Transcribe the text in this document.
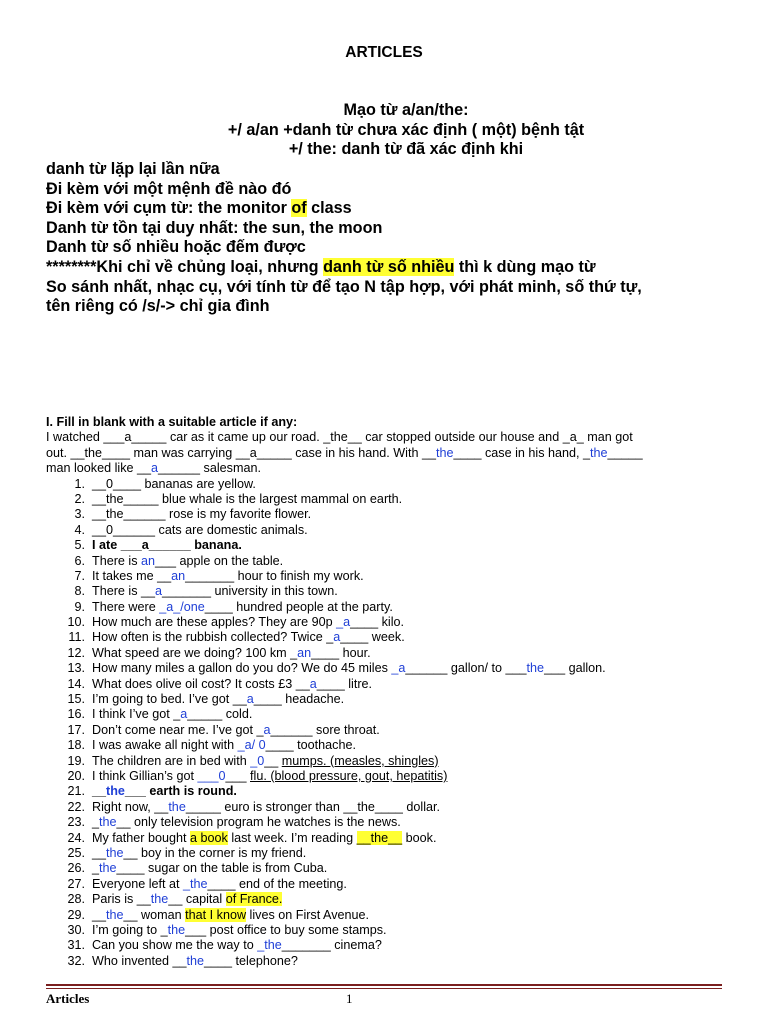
ARTICLES
Mạo từ a/an/the:
+/ a/an +danh từ chưa xác định ( một) bệnh tật
+/ the: danh từ đã xác định khi
danh từ lặp lại lần nữa
Đi kèm với một mệnh đề nào đó
Đi kèm với cụm từ: the monitor of class
Danh từ tồn tại duy nhất: the sun, the moon
Danh từ số nhiều hoặc đếm được
********Khi chỉ về chủng loại, nhưng danh từ số nhiều thì k dùng mạo từ
So sánh nhất, nhạc cụ, với tính từ để tạo N tập hợp, với phát minh, số thứ tự,
tên riêng có /s/-> chỉ gia đình
I. Fill in blank with a suitable article if any:
I watched ___a_____ car as it came up our road. _the__ car stopped outside our house and _a_ man got
out. __the____ man was carrying __a_____ case in his hand. With __the____ case in his hand, _the_____
man looked like __a______ salesman.
1. __0____ bananas are yellow.
2. __the_____ blue whale is the largest mammal on earth.
3. __the______ rose is my favorite flower.
4. __0______ cats are domestic animals.
5. I ate ___a______ banana.
6. There is an___ apple on the table.
7. It takes me __an_______ hour to finish my work.
8. There is __a_______ university in this town.
9. There were _a_/one____ hundred people at the party.
10. How much are these apples? They are 90p _a____ kilo.
11. How often is the rubbish collected? Twice _a____ week.
12. What speed are we doing? 100 km _an____ hour.
13. How many miles a gallon do you do? We do 45 miles _a______ gallon/ to ___the___ gallon.
14. What does olive oil cost? It costs £3 __a____ litre.
15. I’m going to bed. I’ve got __a____ headache.
16. I think I’ve got _a_____ cold.
17. Don’t come near me. I’ve got _a______ sore throat.
18. I was awake all night with _a/ 0____ toothache.
19. The children are in bed with _0__ mumps. (measles, shingles)
20. I think Gillian’s got ___0___ flu. (blood pressure, gout, hepatitis)
21. __the___ earth is round.
22. Right now, __the_____ euro is stronger than __the____ dollar.
23. _the__ only television program he watches is the news.
24. My father bought a book last week. I’m reading __the__ book.
25. __the__ boy in the corner is my friend.
26. _the____ sugar on the table is from Cuba.
27. Everyone left at _the____ end of the meeting.
28. Paris is __the__ capital of France.
29. __the__ woman that I know lives on First Avenue.
30. I’m going to _the___ post office to buy some stamps.
31. Can you show me the way to _the_______ cinema?
32. Who invented __the____ telephone?
Articles	1
